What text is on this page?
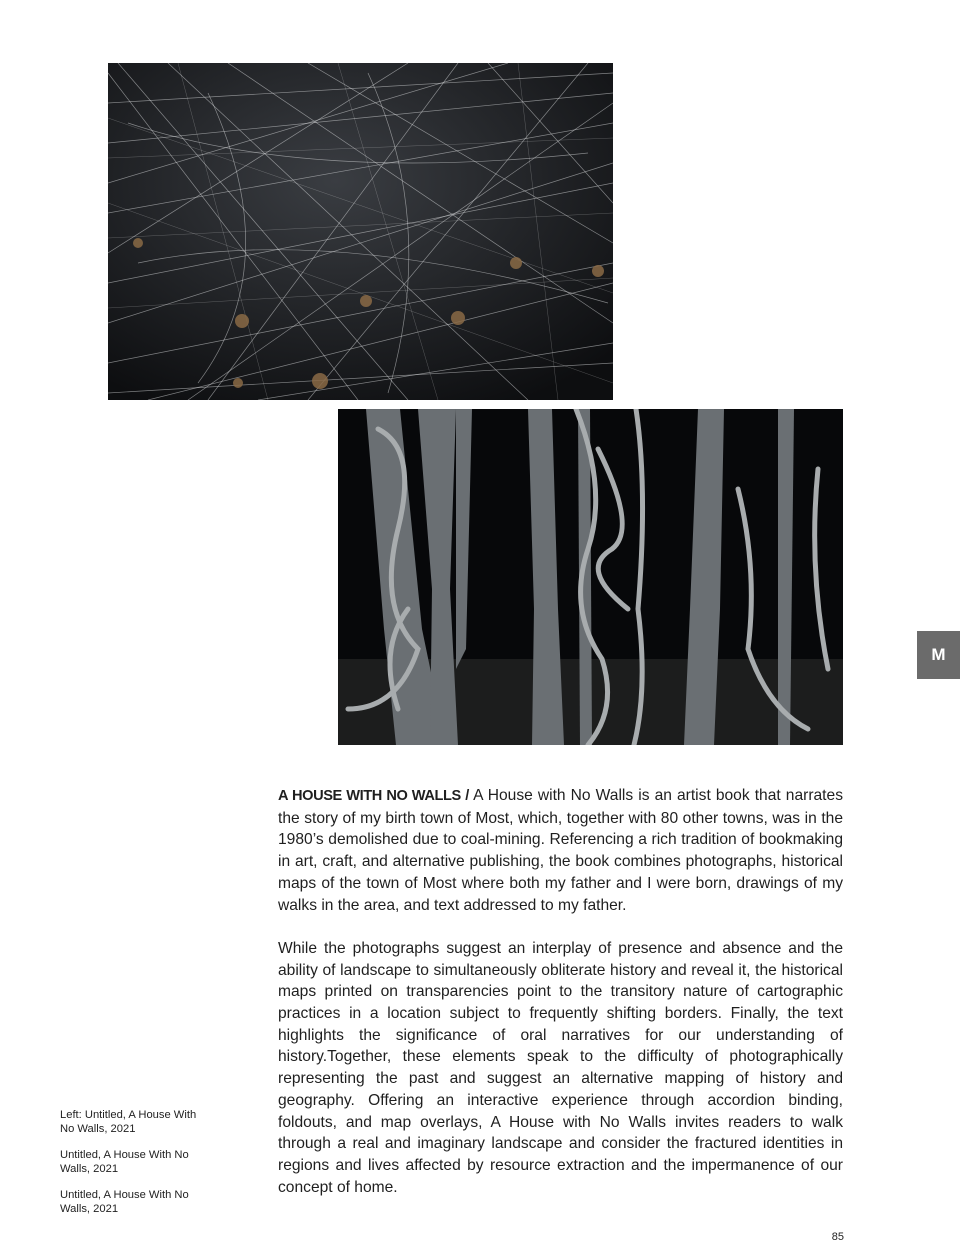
M

A HOUSE WITH NO WALLS / A House with No Walls is an artist book that narrates the story of my birth town of Most, which, together with 80 other towns, was in the 1980’s demolished due to coal-mining. Referencing a rich tradition of bookmaking in art, craft, and alternative publishing, the book combines photographs, historical maps of the town of Most where both my father and I were born, drawings of my walks in the area, and text addressed to my father.

While the photographs suggest an interplay of presence and absence and the ability of landscape to simultaneously obliterate history and reveal it, the historical maps printed on transparencies point to the transitory nature of cartographic practices in a location subject to frequently shifting borders. Finally, the text highlights the significance of oral narratives for our understanding of history.Together, these elements speak to the difficulty of photographically representing the past and suggest an alternative mapping of history and geography. Offering an interactive experience through accordion binding, foldouts, and map overlays, A House with No Walls invites readers to walk through a real and imaginary landscape and consider the fractured identities in regions and lives affected by resource extraction and the impermanence of our concept of home.

Left: Untitled, A House With No Walls, 2021

Untitled, A House With No Walls, 2021

Untitled, A House With No Walls, 2021

85
